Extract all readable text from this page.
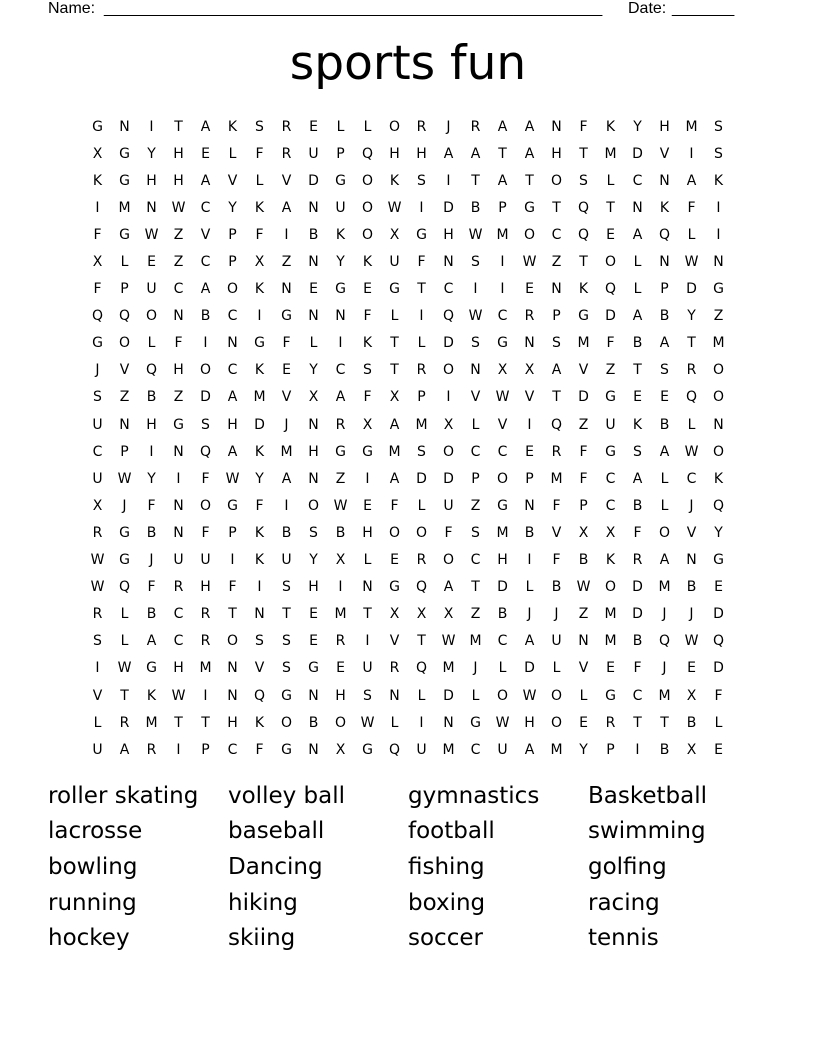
Name: ________________________________________________________ Date: _______
sports fun
G	N	I	T	A	K	S	R	E	L	L	O	R	J	R	A	A	N	F	K	Y	H	M	S
X	G	Y	H	E	L	F	R	U	P	Q	H	H	A	A	T	A	H	T	M	D	V	I	S
K	G	H	H	A	V	L	V	D	G	O	K	S	I	T	A	T	O	S	L	C	N	A	K
I	M	N	W	C	Y	K	A	N	U	O	W	I	D	B	P	G	T	Q	T	N	K	F	I
F	G	W	Z	V	P	F	I	B	K	O	X	G	H	W	M	O	C	Q	E	A	Q	L	I
X	L	E	Z	C	P	X	Z	N	Y	K	U	F	N	S	I	W	Z	T	O	L	N	W	N
F	P	U	C	A	O	K	N	E	G	E	G	T	C	I	I	E	N	K	Q	L	P	D	G
Q	Q	O	N	B	C	I	G	N	N	F	L	I	Q	W	C	R	P	G	D	A	B	Y	Z
G	O	L	F	I	N	G	F	L	I	K	T	L	D	S	G	N	S	M	F	B	A	T	M
J	V	Q	H	O	C	K	E	Y	C	S	T	R	O	N	X	X	A	V	Z	T	S	R	O
S	Z	B	Z	D	A	M	V	X	A	F	X	P	I	V	W	V	T	D	G	E	E	Q	O
U	N	H	G	S	H	D	J	N	R	X	A	M	X	L	V	I	Q	Z	U	K	B	L	N
C	P	I	N	Q	A	K	M	H	G	G	M	S	O	C	C	E	R	F	G	S	A	W	O
U	W	Y	I	F	W	Y	A	N	Z	I	A	D	D	P	O	P	M	F	C	A	L	C	K
X	J	F	N	O	G	F	I	O	W	E	F	L	U	Z	G	N	F	P	C	B	L	J	Q
R	G	B	N	F	P	K	B	S	B	H	O	O	F	S	M	B	V	X	X	F	O	V	Y
W	G	J	U	U	I	K	U	Y	X	L	E	R	O	C	H	I	F	B	K	R	A	N	G
W	Q	F	R	H	F	I	S	H	I	N	G	Q	A	T	D	L	B	W	O	D	M	B	E
R	L	B	C	R	T	N	T	E	M	T	X	X	X	Z	B	J	J	Z	M	D	J	J	D
S	L	A	C	R	O	S	S	E	R	I	V	T	W	M	C	A	U	N	M	B	Q	W	Q
I	W	G	H	M	N	V	S	G	E	U	R	Q	M	J	L	D	L	V	E	F	J	E	D
V	T	K	W	I	N	Q	G	N	H	S	N	L	D	L	O	W	O	L	G	C	M	X	F
L	R	M	T	T	H	K	O	B	O	W	L	I	N	G	W	H	O	E	R	T	T	B	L
U	A	R	I	P	C	F	G	N	X	G	Q	U	M	C	U	A	M	Y	P	I	B	X	E
roller skating	volley ball	gymnastics	Basketball
lacrosse	baseball	football	swimming
bowling	Dancing	fishing	golfing
running	hiking	boxing	racing
hockey	skiing	soccer	tennis
